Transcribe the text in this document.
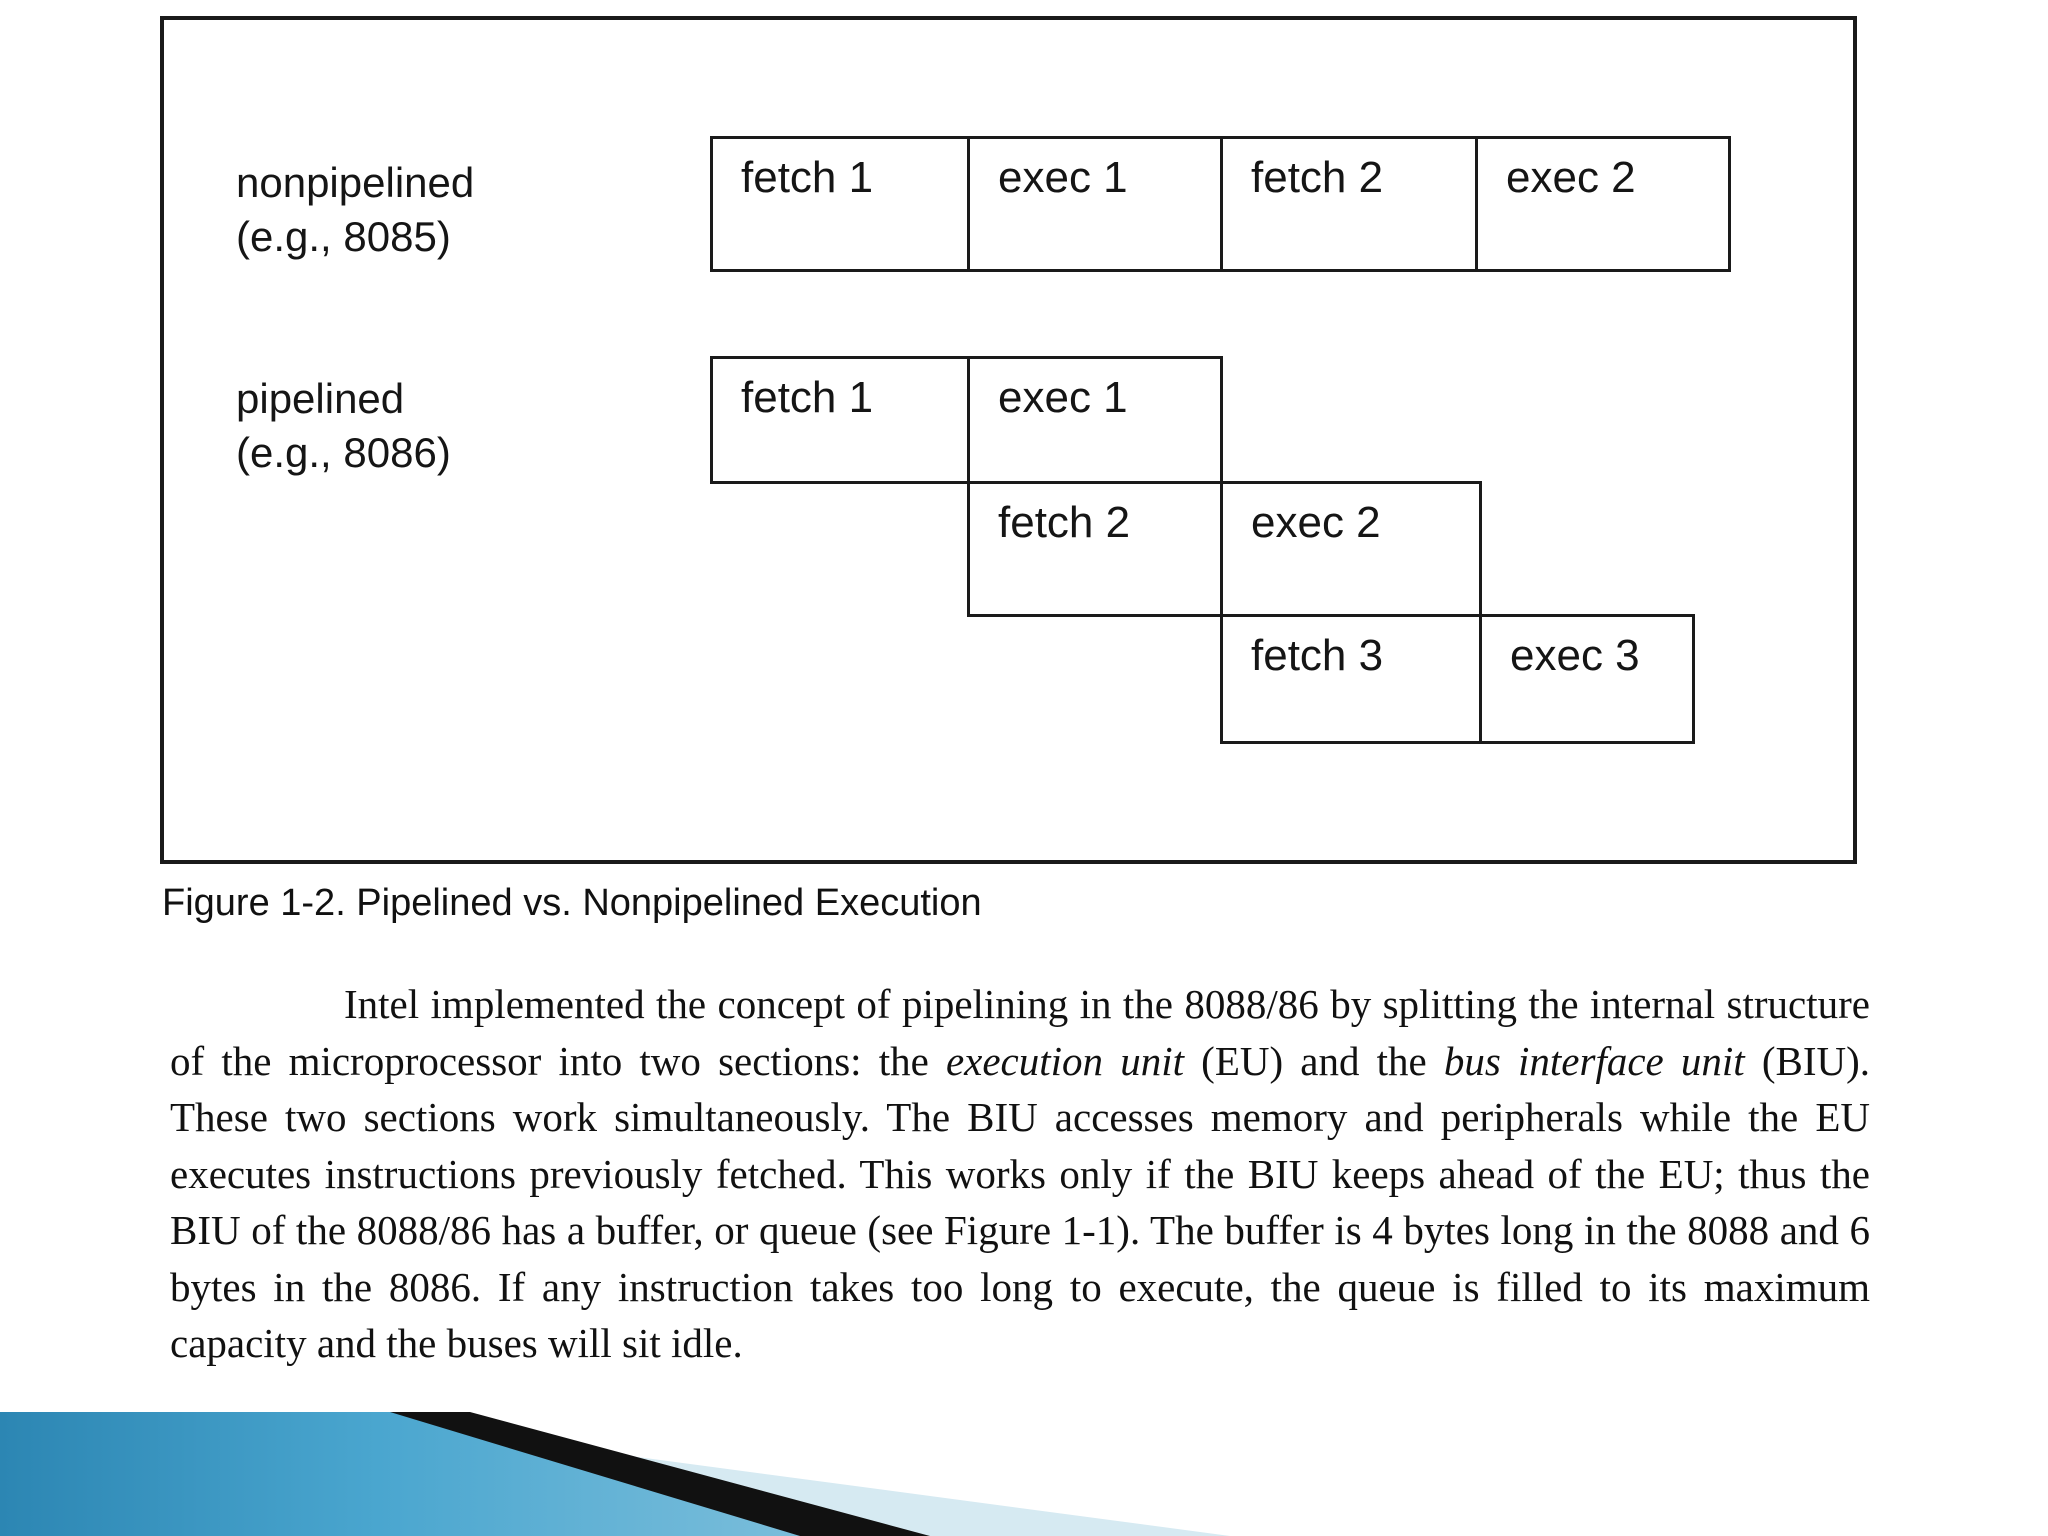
nonpipelined
(e.g., 8085)
pipelined
(e.g., 8086)
fetch 1	exec 1	fetch 2	exec 2
fetch 1	exec 1
fetch 2	exec 2
fetch 3	exec 3
Figure 1-2. Pipelined vs. Nonpipelined Execution

Intel implemented the concept of pipelining in the 8088/86 by splitting the internal structure of the microprocessor into two sections: the execution unit (EU) and the bus interface unit (BIU). These two sections work simultaneously. The BIU accesses memory and peripherals while the EU executes instructions previously fetched. This works only if the BIU keeps ahead of the EU; thus the BIU of the 8088/86 has a buffer, or queue (see Figure 1-1). The buffer is 4 bytes long in the 8088 and 6 bytes in the 8086. If any instruction takes too long to execute, the queue is filled to its maximum capacity and the buses will sit idle.
